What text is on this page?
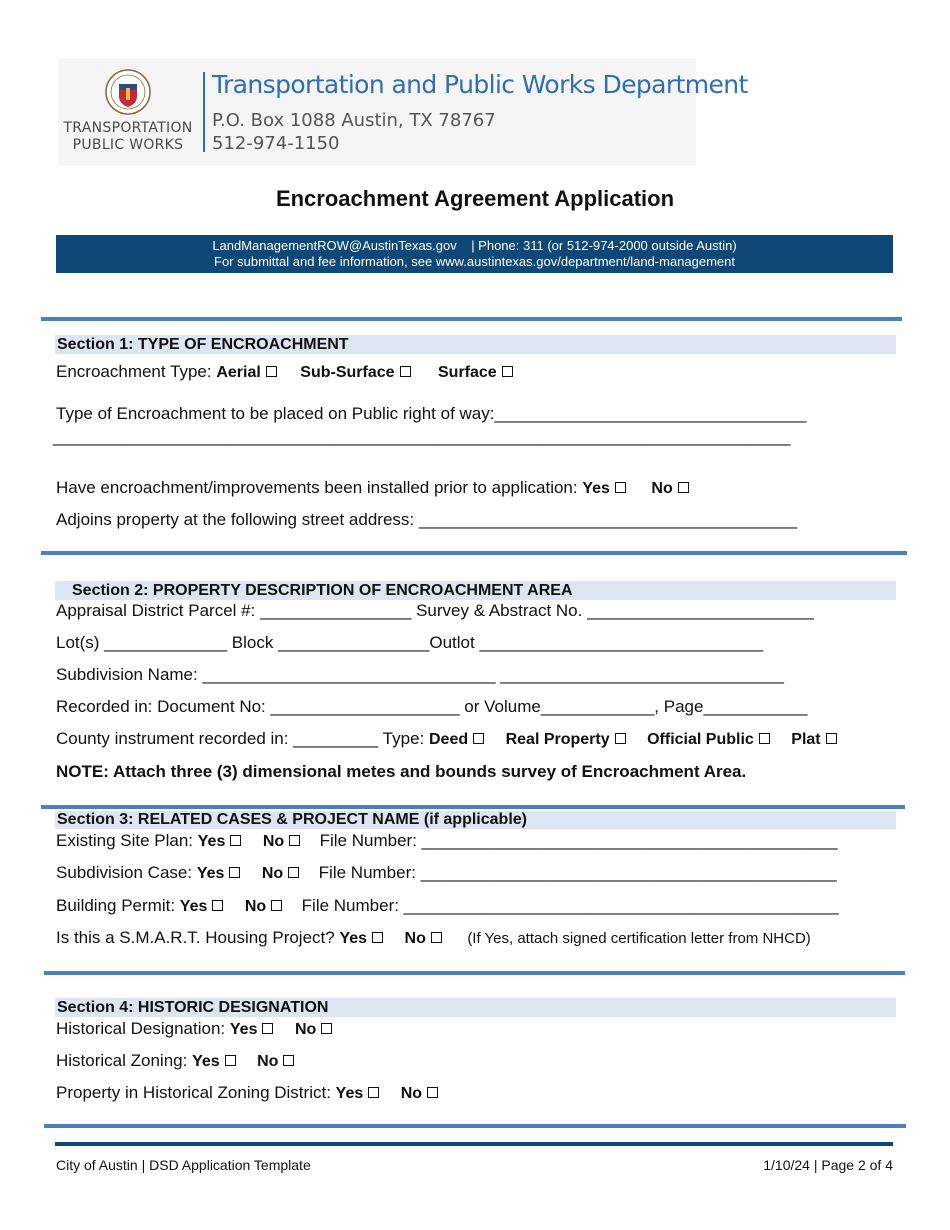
TRANSPORTATION
PUBLIC WORKS
Transportation and Public Works Department
P.O. Box 1088 Austin, TX 78767
512-974-1150
Encroachment Agreement Application
LandManagementROW@AustinTexas.gov    | Phone: 311 (or 512-974-2000 outside Austin)
For submittal and fee information, see www.austintexas.gov/department/land-management
Section 1: TYPE OF ENCROACHMENT
Encroachment Type: Aerial Sub-Surface	Surface
Type of Encroachment to be placed on Public right of way:_________________________________
______________________________________________________________________________
Have encroachment/improvements been installed prior to application: Yes	No
Adjoins property at the following street address: ________________________________________
Section 2: PROPERTY DESCRIPTION OF ENCROACHMENT AREA
Appraisal District Parcel #: ________________ Survey & Abstract No. ________________________
Lot(s) _____________ Block ________________Outlot ______________________________
Subdivision Name: _______________________________ ______________________________
Recorded in: Document No: ____________________ or Volume____________, Page___________
County instrument recorded in: _________ Type: Deed Real Property Official Public Plat
NOTE: Attach three (3) dimensional metes and bounds survey of Encroachment Area.
Section 3: RELATED CASES & PROJECT NAME (if applicable)
Existing Site Plan: Yes No File Number: ____________________________________________
Subdivision Case: Yes No File Number: ____________________________________________
Building Permit: Yes No File Number: ______________________________________________
Is this a S.M.A.R.T. Housing Project? Yes No	(If Yes, attach signed certification letter from NHCD)
Section 4: HISTORIC DESIGNATION
Historical Designation: Yes No
Historical Zoning: Yes No
Property in Historical Zoning District: Yes No
City of Austin | DSD Application Template	1/10/24 | Page 2 of 4
